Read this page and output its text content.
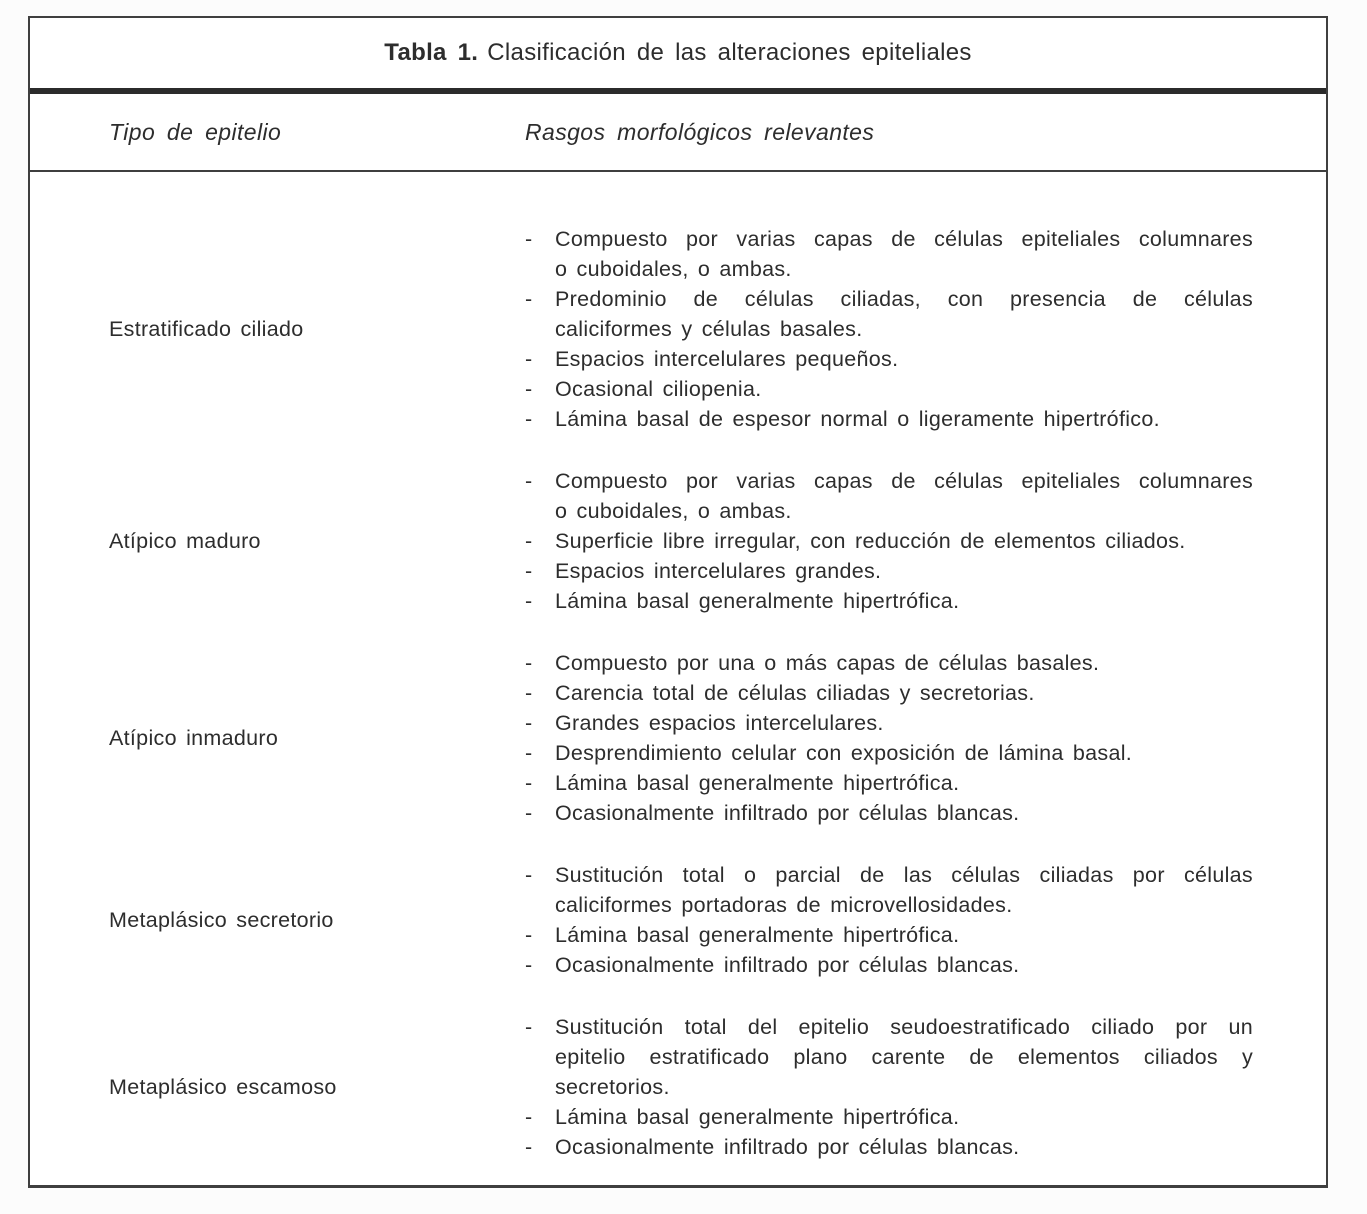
Tabla 1. Clasificación de las alteraciones epiteliales
Tipo de epitelio	Rasgos morfológicos relevantes
Estratificado ciliado
-	Compuesto por varias capas de células epiteliales columnares
o cuboidales, o ambas.
-	Predominio de células ciliadas, con presencia de células
caliciformes y células basales.
-	Espacios intercelulares pequeños.
-	Ocasional ciliopenia.
-	Lámina basal de espesor normal o ligeramente hipertrófico.
Atípico maduro
-	Compuesto por varias capas de células epiteliales columnares
o cuboidales, o ambas.
-	Superficie libre irregular, con reducción de elementos ciliados.
-	Espacios intercelulares grandes.
-	Lámina basal generalmente hipertrófica.
Atípico inmaduro
-	Compuesto por una o más capas de células basales.
-	Carencia total de células ciliadas y secretorias.
-	Grandes espacios intercelulares.
-	Desprendimiento celular con exposición de lámina basal.
-	Lámina basal generalmente hipertrófica.
-	Ocasionalmente infiltrado por células blancas.
Metaplásico secretorio
-	Sustitución total o parcial de las células ciliadas por células
caliciformes portadoras de microvellosidades.
-	Lámina basal generalmente hipertrófica.
-	Ocasionalmente infiltrado por células blancas.
Metaplásico escamoso
-	Sustitución total del epitelio seudoestratificado ciliado por un
epitelio estratificado plano carente de elementos ciliados y
secretorios.
-	Lámina basal generalmente hipertrófica.
-	Ocasionalmente infiltrado por células blancas.
